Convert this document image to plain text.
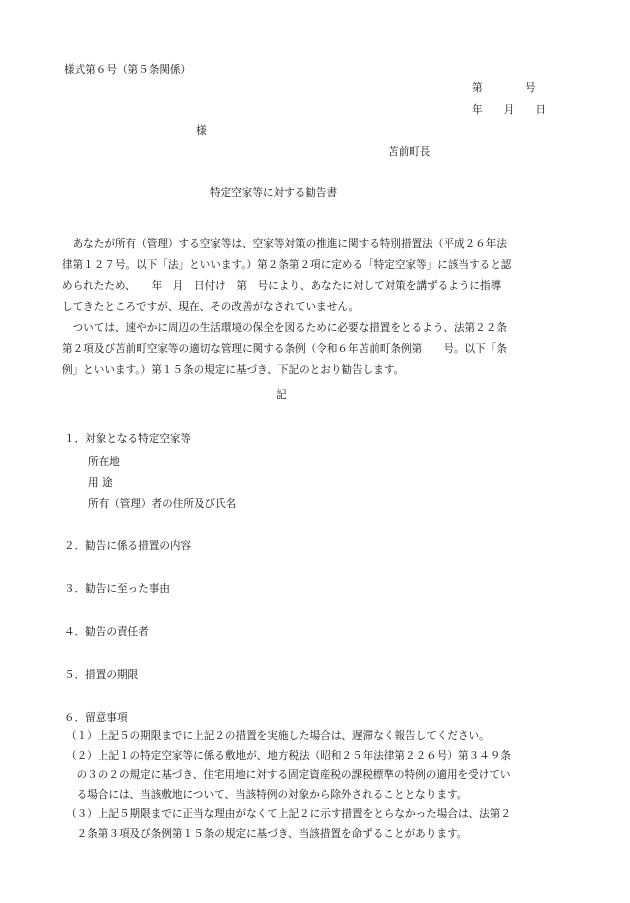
様式第６号（第５条関係）
第　　　　号
年　　月　　日
様
苫前町長
特定空家等に対する勧告書

　あなたが所有（管理）する空家等は、空家等対策の推進に関する特別措置法（平成２６年法

律第１２７号。以下「法」といいます。）第２条第２項に定める「特定空家等」に該当すると認

められたため、　　年　月　日付け　第　号により、あなたに対して対策を講ずるように指導

してきたところですが、現在、その改善がなされていません。

　ついては、速やかに周辺の生活環境の保全を図るために必要な措置をとるよう、法第２２条

第２項及び苫前町空家等の適切な管理に関する条例（令和６年苫前町条例第　　号。以下「条

例」といいます。）第１５条の規定に基づき、下記のとおり勧告します。

記
１．対象となる特定空家等
所在地
用 途
所有（管理）者の住所及び氏名
２．勧告に係る措置の内容
３．勧告に至った事由
４．勧告の責任者
５．措置の期限
６．留意事項

（１）上記５の期限までに上記２の措置を実施した場合は、遅滞なく報告してください。

（２）上記１の特定空家等に係る敷地が、地方税法（昭和２５年法律第２２６号）第３４９条

　の３の２の規定に基づき、住宅用地に対する固定資産税の課税標準の特例の適用を受けてい

　る場合には、当該敷地について、当該特例の対象から除外されることとなります。

（３）上記５期限までに正当な理由がなくて上記２に示す措置をとらなかった場合は、法第２

　２条第３項及び条例第１５条の規定に基づき、当該措置を命ずることがあります。
